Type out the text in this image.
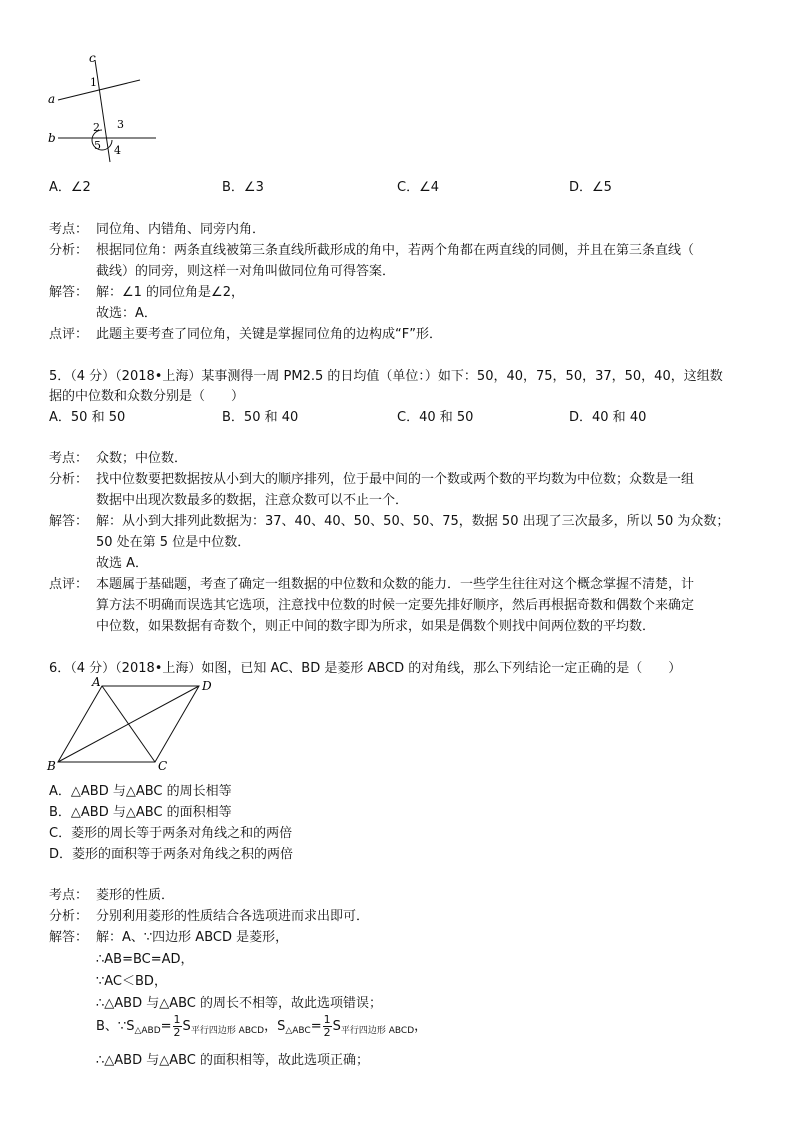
c
a
b
1
2 3
5 4
A．∠2	B．∠3	C．∠4	D．∠5
考点： 同位角、内错角、同旁内角．
分析： 根据同位角：两条直线被第三条直线所截形成的角中，若两个角都在两直线的同侧，并且在第三条直线（
截线）的同旁，则这样一对角叫做同位角可得答案．
解答： 解：∠1 的同位角是∠2，
故选：A．
点评： 此题主要考查了同位角，关键是掌握同位角的边构成“F”形．
5．（4 分）（2018•上海）某事测得一周 PM2.5 的日均值（单位：）如下：50，40，75，50，37，50，40，这组数
据的中位数和众数分别是（　　）
A．50 和 50	B．50 和 40	C．40 和 50	D．40 和 40
考点： 众数；中位数．
分析： 找中位数要把数据按从小到大的顺序排列，位于最中间的一个数或两个数的平均数为中位数；众数是一组
数据中出现次数最多的数据，注意众数可以不止一个．
解答： 解：从小到大排列此数据为：37、40、40、50、50、50、75，数据 50 出现了三次最多，所以 50 为众数；
50 处在第 5 位是中位数．
故选 A．
点评： 本题属于基础题，考查了确定一组数据的中位数和众数的能力．一些学生往往对这个概念掌握不清楚，计
算方法不明确而误选其它选项，注意找中位数的时候一定要先排好顺序，然后再根据奇数和偶数个来确定
中位数，如果数据有奇数个，则正中间的数字即为所求，如果是偶数个则找中间两位数的平均数．
6．（4 分）（2018•上海）如图，已知 AC、BD 是菱形 ABCD 的对角线，那么下列结论一定正确的是（　　）
A	D
B	C
A．△ABD 与△ABC 的周长相等
B．△ABD 与△ABC 的面积相等
C．菱形的周长等于两条对角线之和的两倍
D．菱形的面积等于两条对角线之积的两倍
考点： 菱形的性质．
分析： 分别利用菱形的性质结合各选项进而求出即可．
解答： 解：A、∵四边形 ABCD 是菱形，
∴AB=BC=AD，
∵AC＜BD，
∴△ABD 与△ABC 的周长不相等，故此选项错误；
B、$\because S_{\triangle ABD}= \frac{1}{2} S_{平行四边形 ABCD}$，$S_{\triangle ABC}= \frac{1}{2} S_{平行四边形 ABCD}$，
∴△ABD 与△ABC 的面积相等，故此选项正确；
